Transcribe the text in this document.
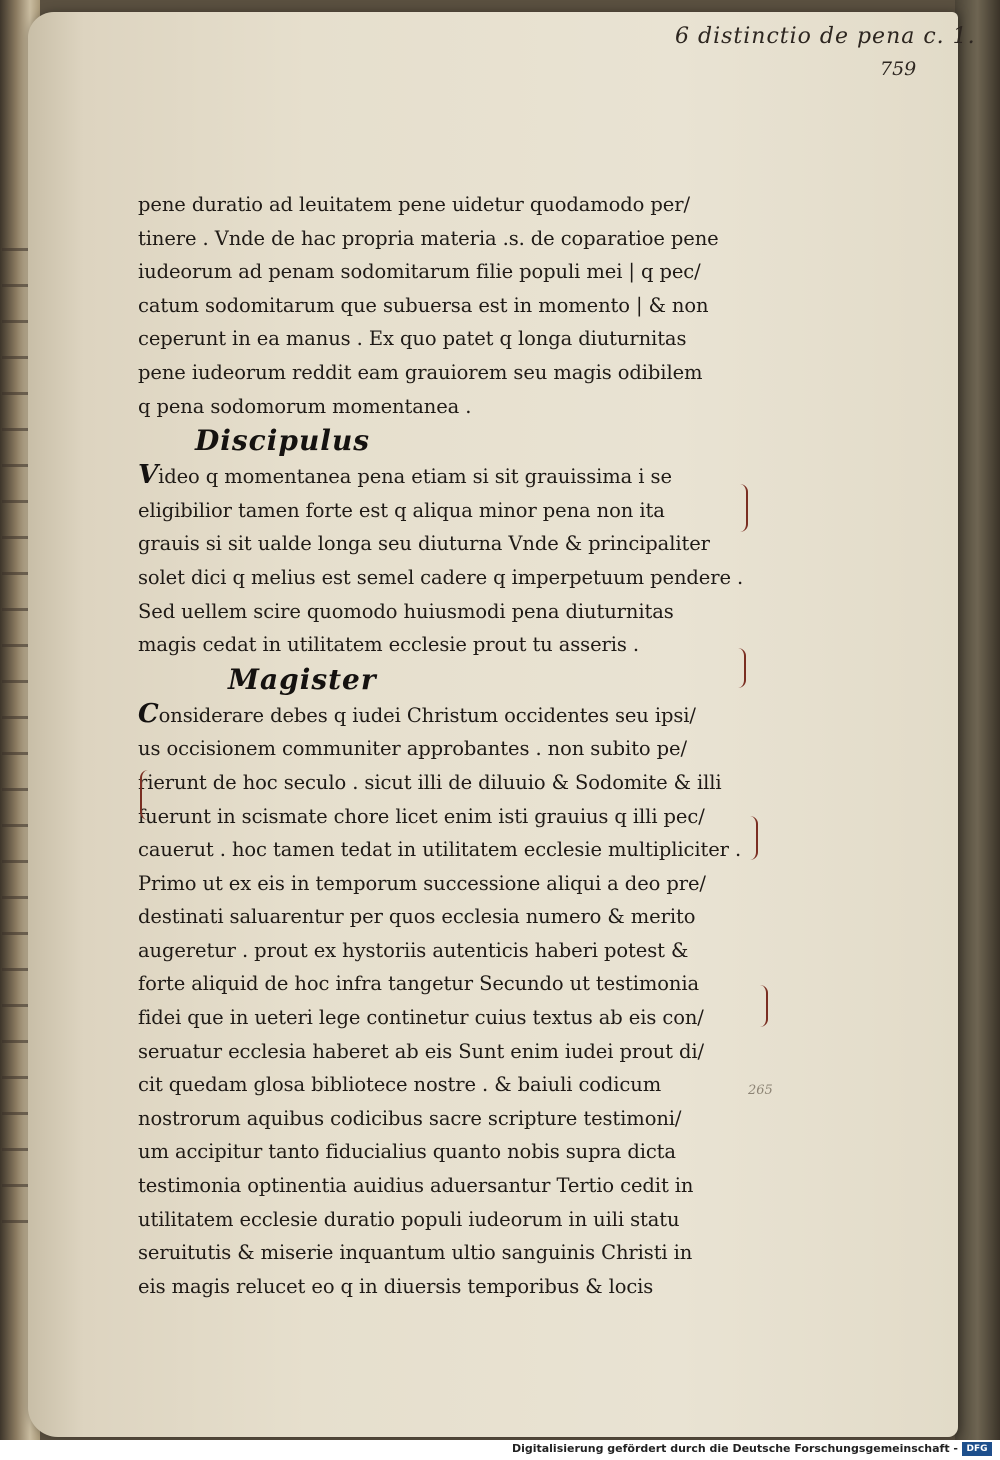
6 distinctio de pena c. 1.
759
pene duratio ad leuitatem pene uidetur quodamodo per/
tinere . Vnde de hac propria materia .s. de coparatioe pene
iudeorum ad penam sodomitarum filie populi mei | q pec/
catum sodomitarum que subuersa est in momento | & non
ceperunt in ea manus . Ex quo patet q longa diuturnitas
pene iudeorum reddit eam grauiorem seu magis odibilem
q pena sodomorum momentanea .
Discipulus
Video q momentanea pena etiam si sit grauissima i se
eligibilior tamen forte est q aliqua minor pena non ita
grauis si sit ualde longa seu diuturna Vnde & principaliter
solet dici q melius est semel cadere q imperpetuum pendere .
Sed uellem scire quomodo huiusmodi pena diuturnitas
magis cedat in utilitatem ecclesie prout tu asseris .
Magister
Considerare debes q iudei Christum occidentes seu ipsi/
us occisionem communiter approbantes . non subito pe/
rierunt de hoc seculo . sicut illi de diluuio & Sodomite & illi
fuerunt in scismate chore licet enim isti grauius q illi pec/
cauerut . hoc tamen tedat in utilitatem ecclesie multipliciter .
Primo ut ex eis in temporum successione aliqui a deo pre/
destinati saluarentur per quos ecclesia numero & merito
augeretur . prout ex hystoriis autenticis haberi potest &
forte aliquid de hoc infra tangetur Secundo ut testimonia
fidei que in ueteri lege continetur cuius textus ab eis con/
seruatur ecclesia haberet ab eis Sunt enim iudei prout di/
cit quedam glosa bibliotece nostre . & baiuli codicum
nostrorum aquibus codicibus sacre scripture testimoni/
um accipitur tanto fiducialius quanto nobis supra dicta
testimonia optinentia auidius aduersantur Tertio cedit in
utilitatem ecclesie duratio populi iudeorum in uili statu
seruitutis & miserie inquantum ultio sanguinis Christi in
eis magis relucet eo q in diuersis temporibus & locis
265
Digitalisierung gefördert durch die Deutsche Forschungsgemeinschaft - DFG
